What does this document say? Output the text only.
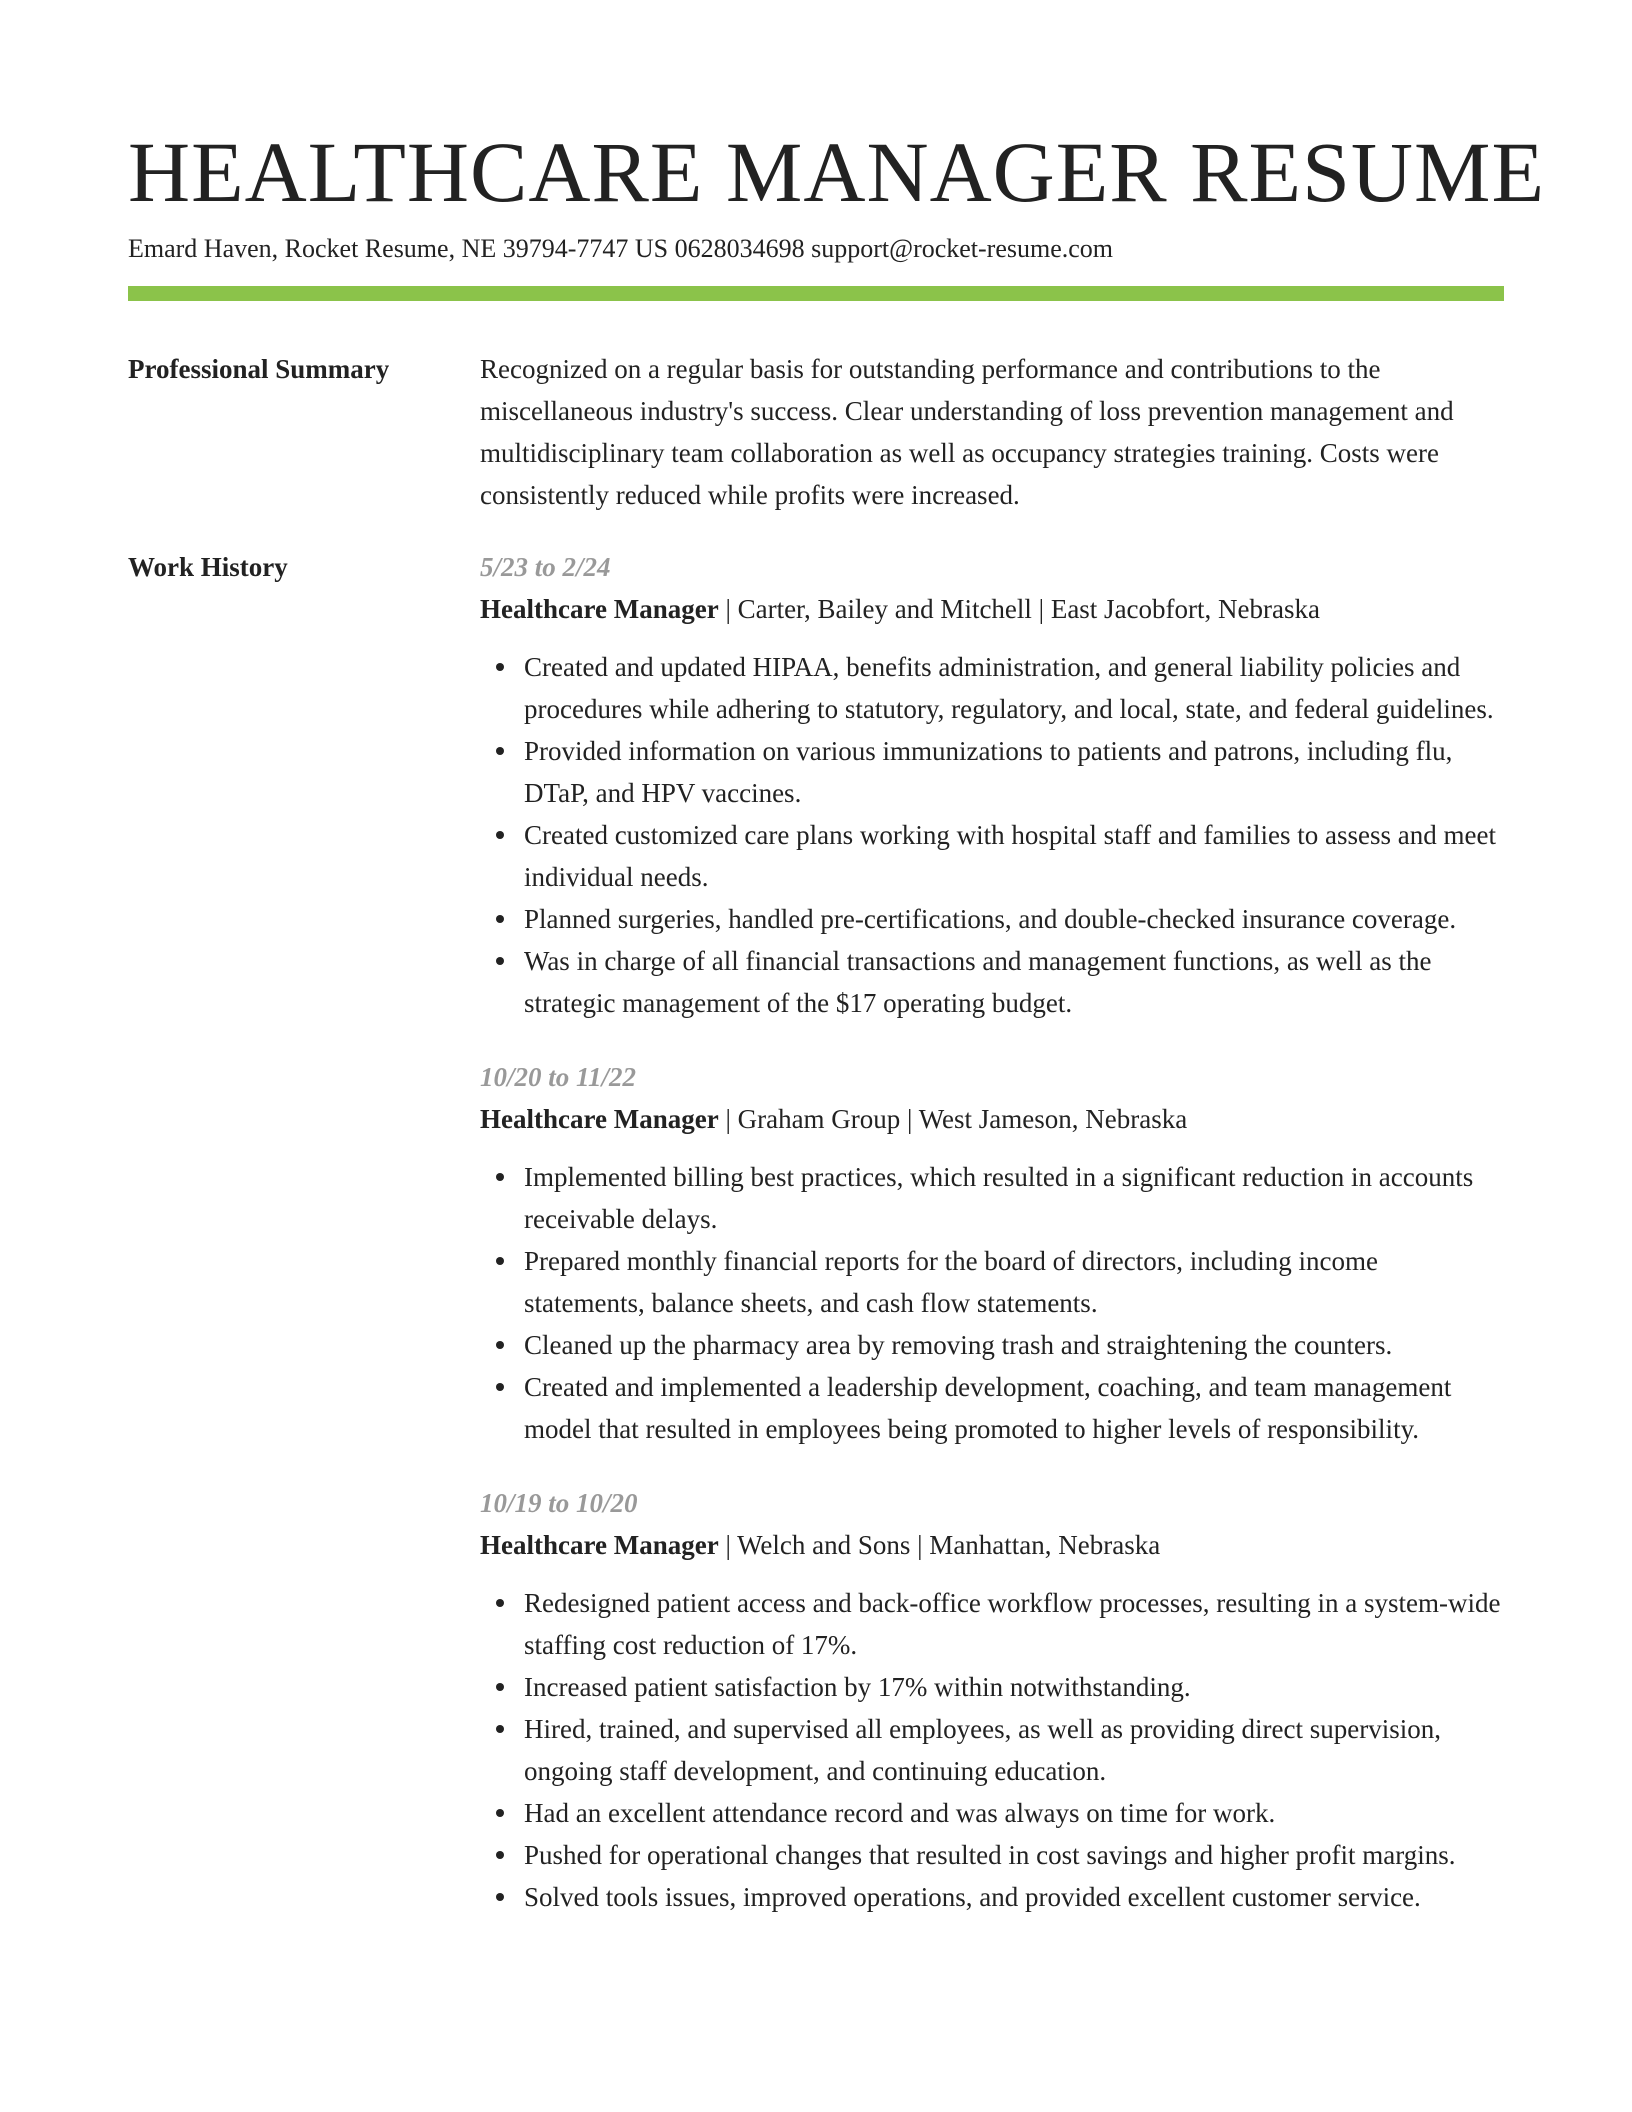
HEALTHCARE MANAGER RESUME
Emard Haven, Rocket Resume, NE 39794-7747 US 0628034698 support@rocket-resume.com
Professional Summary	Recognized on a regular basis for outstanding performance and contributions to the miscellaneous industry's success. Clear understanding of loss prevention management and multidisciplinary team collaboration as well as occupancy strategies training. Costs were consistently reduced while profits were increased.

Work History	5/23 to 2/24
Healthcare Manager | Carter, Bailey and Mitchell | East Jacobfort, Nebraska
Created and updated HIPAA, benefits administration, and general liability policies and procedures while adhering to statutory, regulatory, and local, state, and federal guidelines.
Provided information on various immunizations to patients and patrons, including flu, DTaP, and HPV vaccines.
Created customized care plans working with hospital staff and families to assess and meet individual needs.
Planned surgeries, handled pre-certifications, and double-checked insurance coverage.
Was in charge of all financial transactions and management functions, as well as the strategic management of the $17 operating budget.
10/20 to 11/22
Healthcare Manager | Graham Group | West Jameson, Nebraska
Implemented billing best practices, which resulted in a significant reduction in accounts receivable delays.
Prepared monthly financial reports for the board of directors, including income statements, balance sheets, and cash flow statements.
Cleaned up the pharmacy area by removing trash and straightening the counters.
Created and implemented a leadership development, coaching, and team management model that resulted in employees being promoted to higher levels of responsibility.
10/19 to 10/20
Healthcare Manager | Welch and Sons | Manhattan, Nebraska
Redesigned patient access and back-office workflow processes, resulting in a system-wide staffing cost reduction of 17%.
Increased patient satisfaction by 17% within notwithstanding.
Hired, trained, and supervised all employees, as well as providing direct supervision, ongoing staff development, and continuing education.
Had an excellent attendance record and was always on time for work.
Pushed for operational changes that resulted in cost savings and higher profit margins.
Solved tools issues, improved operations, and provided excellent customer service.
